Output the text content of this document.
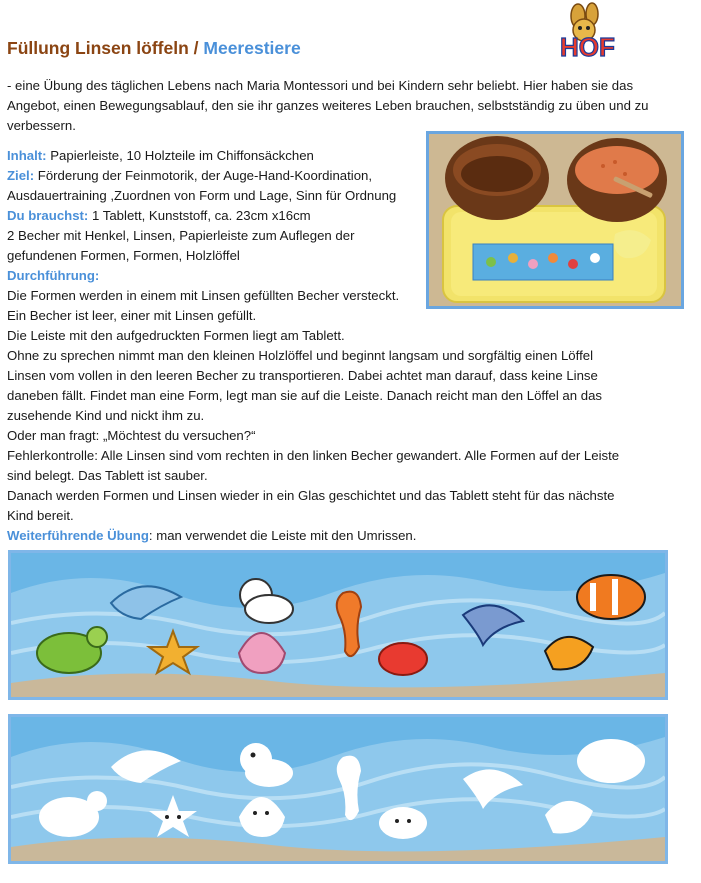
Füllung Linsen löffeln / Meerestiere	HOF
- eine Übung des täglichen Lebens nach Maria Montessori und bei Kindern sehr beliebt. Hier haben sie das Angebot, einen Bewegungsablauf, den sie ihr ganzes weiteres Leben brauchen, selbstständig zu üben und zu verbessern.

Inhalt: Papierleiste, 10 Holzteile im Chiffonsäckchen

Ziel: Förderung der Feinmotorik, der Auge-Hand-Koordination,

Ausdauertraining ,Zuordnen von Form und Lage, Sinn für Ordnung

Du brauchst: 1 Tablett, Kunststoff, ca. 23cm x16cm

2 Becher mit Henkel, Linsen, Papierleiste zum Auflegen der

gefundenen Formen, Formen, Holzlöffel

Durchführung:

Die Formen werden in einem mit Linsen gefüllten Becher versteckt.

Ein Becher ist leer, einer mit Linsen gefüllt.

Die Leiste mit den aufgedruckten Formen liegt am Tablett.

Ohne zu sprechen nimmt man den kleinen Holzlöffel und beginnt langsam und sorgfältig einen Löffel

Linsen vom vollen in den leeren Becher zu transportieren. Dabei achtet man darauf, dass keine Linse

daneben fällt. Findet man eine Form, legt man sie auf die Leiste. Danach reicht man den Löffel an das

zusehende Kind und nickt ihm zu.

Oder man fragt: „Möchtest du versuchen?“

Fehlerkontrolle: Alle Linsen sind vom rechten in den linken Becher gewandert. Alle Formen auf der Leiste

sind belegt. Das Tablett ist sauber.

Danach werden Formen und Linsen wieder in ein Glas geschichtet und das Tablett steht für das nächste

Kind bereit.

Weiterführende Übung: man verwendet die Leiste mit den Umrissen.
